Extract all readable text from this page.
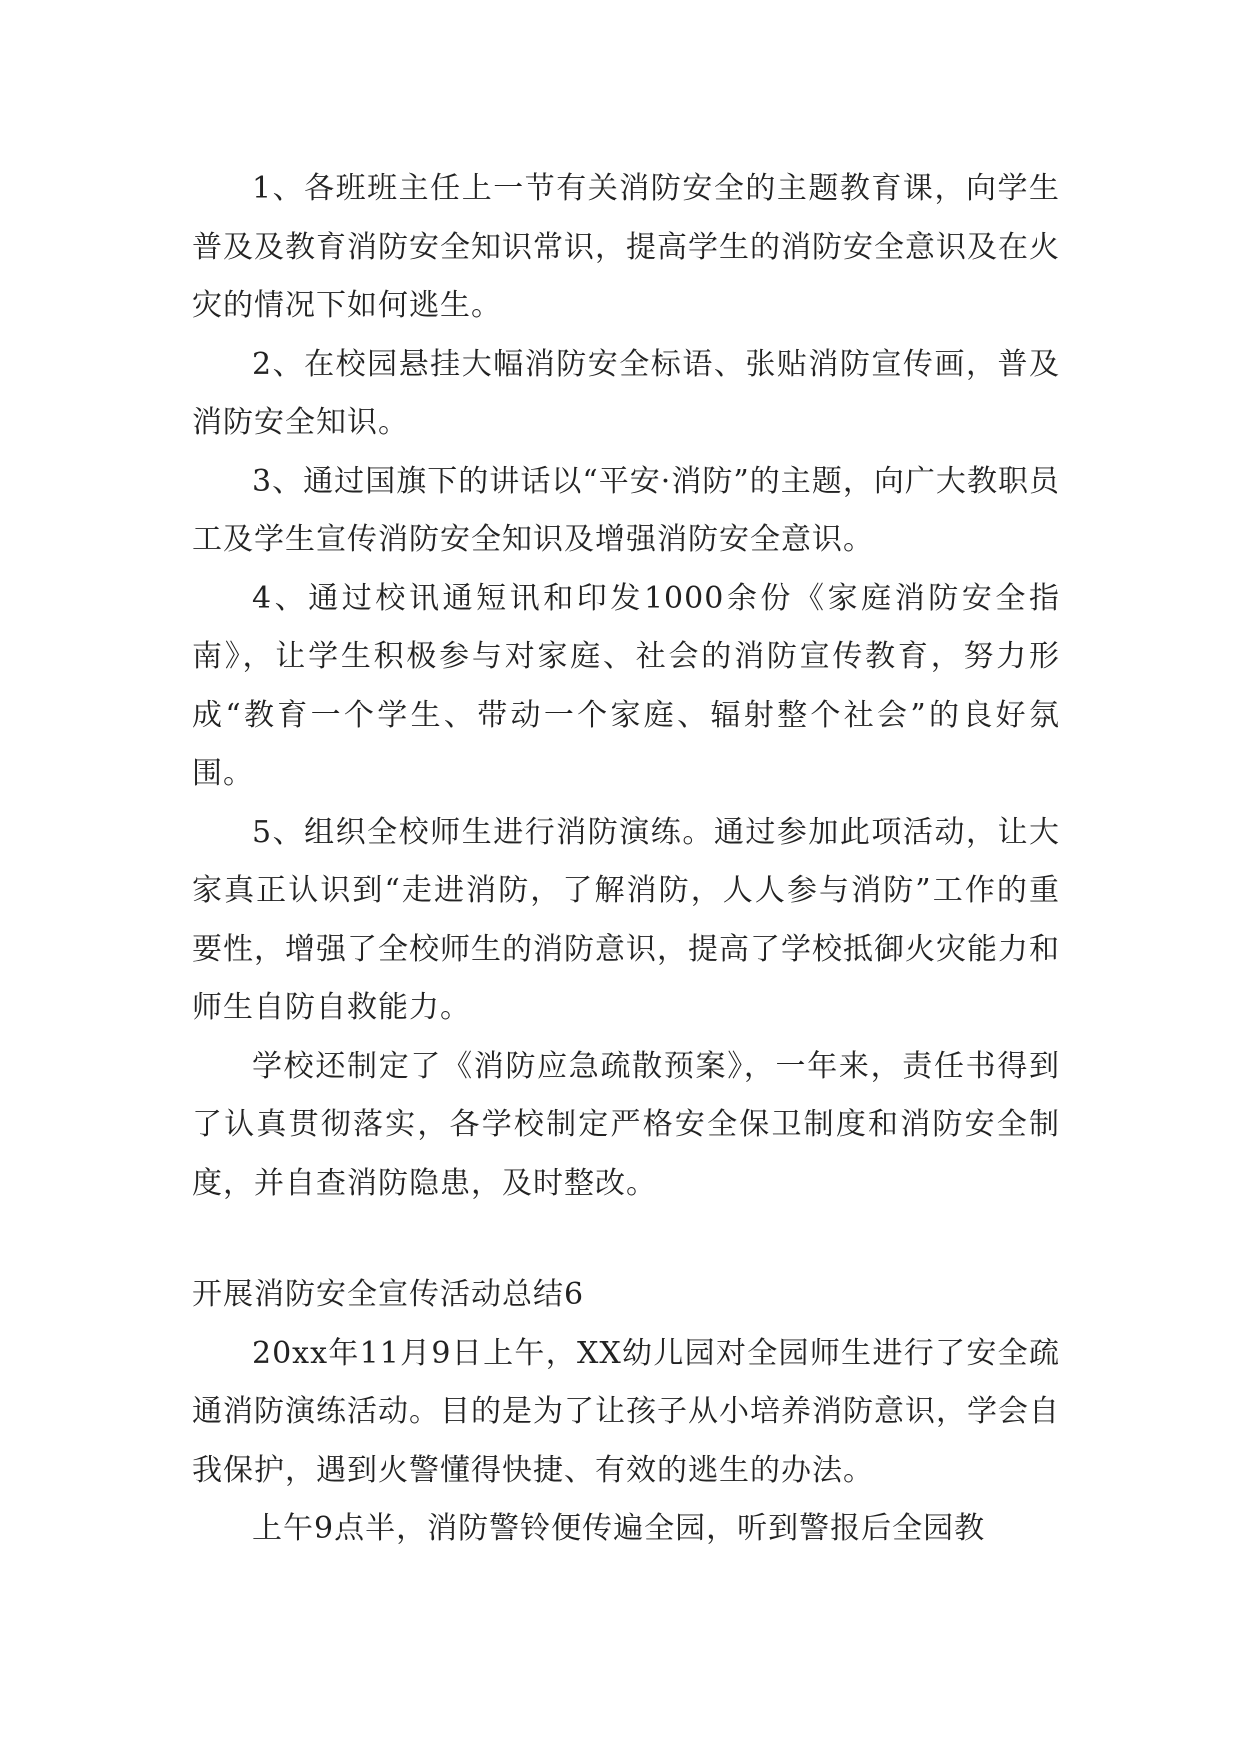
1、各班班主任上一节有关消防安全的主题教育课，向学生普及及教育消防安全知识常识，提高学生的消防安全意识及在火灾的情况下如何逃生。

2、在校园悬挂大幅消防安全标语、张贴消防宣传画，普及消防安全知识。

3、通过国旗下的讲话以“平安·消防”的主题，向广大教职员工及学生宣传消防安全知识及增强消防安全意识。

4、通过校讯通短讯和印发1000余份《家庭消防安全指南》，让学生积极参与对家庭、社会的消防宣传教育，努力形成“教育一个学生、带动一个家庭、辐射整个社会”的良好氛围。

5、组织全校师生进行消防演练。通过参加此项活动，让大家真正认识到“走进消防，了解消防，人人参与消防”工作的重要性，增强了全校师生的消防意识，提高了学校抵御火灾能力和师生自防自救能力。

学校还制定了《消防应急疏散预案》，一年来，责任书得到了认真贯彻落实，各学校制定严格安全保卫制度和消防安全制度，并自查消防隐患，及时整改。

开展消防安全宣传活动总结6

20xx年11月9日上午，XX幼儿园对全园师生进行了安全疏通消防演练活动。目的是为了让孩子从小培养消防意识，学会自我保护，遇到火警懂得快捷、有效的逃生的办法。

上午9点半，消防警铃便传遍全园，听到警报后全园教
